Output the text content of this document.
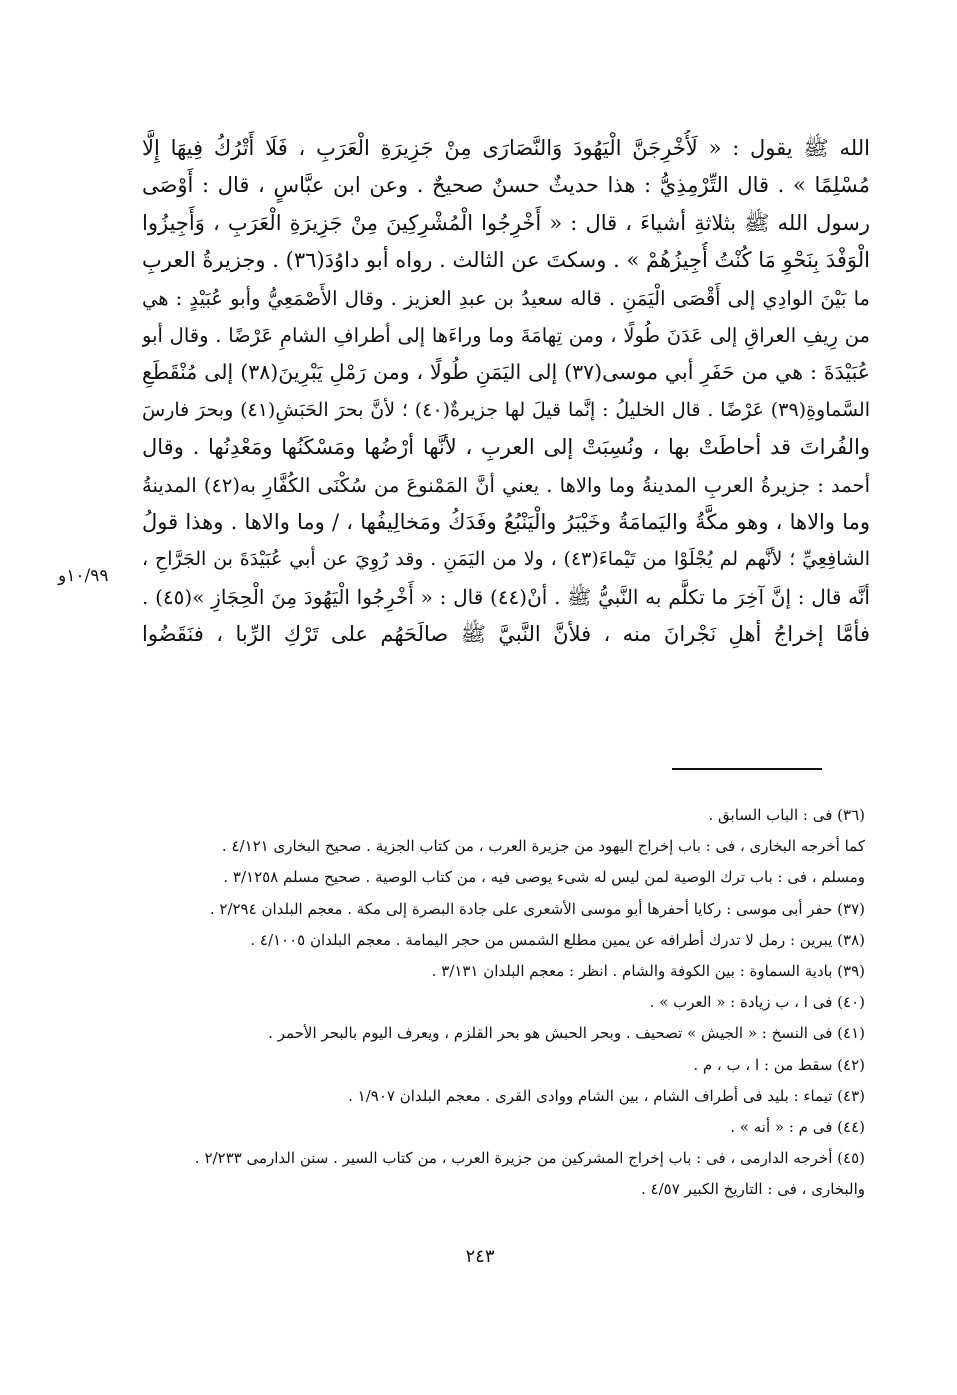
الله ﷺ يقول : « لَأُخْرِجَنَّ الْيَهُودَ وَالنَّصَارَى مِنْ جَزِيرَةِ الْعَرَبِ ، فَلَا أَتْرُكُ فِيهَا إِلَّا
مُسْلِمًا » . قال التِّرْمِذِيُّ : هذا حديثٌ حسنٌ صحيحٌ . وعن ابن عبَّاسٍ ، قال : أَوْصَى
رسول الله ﷺ بثلاثةِ أشياءَ ، قال : « أَخْرِجُوا الْمُشْرِكِينَ مِنْ جَزِيرَةِ الْعَرَبِ ، وَأَجِيزُوا
الْوَفْدَ بِنَحْوِ مَا كُنْتُ أُجِيزُهُمْ » . وسكتَ عن الثالث . رواه أبو داوُدَ(٣٦) . وجزيرةُ العربِ
ما بَيْنَ الوادِي إلى أَقْصَى الْيَمَنِ . قاله سعيدُ بن عبدِ العزيز . وقال الأَصْمَعِيُّ وأبو عُبَيْدٍ : هي
من رِيفِ العراقِ إلى عَدَنَ طُولًا ، ومن تِهامَةَ وما وراءَها إلى أطرافِ الشامِ عَرْضًا . وقال أبو
عُبَيْدَةَ : هي من حَفَرِ أبي موسى(٣٧) إلى اليَمَنِ طُولًا ، ومن رَمْلِ يَبْرِينَ(٣٨) إلى مُنْقَطَعِ
السَّماوةِ(٣٩) عَرْضًا . قال الخليلُ : إنَّما قيلَ لها جزيرةٌ(٤٠) ؛ لأنَّ بحرَ الحَبَشِ(٤١) وبحرَ فارسَ
والفُراتَ قد أحاطَتْ بها ، ونُسِبَتْ إلى العربِ ، لأنَّها أرْضُها ومَسْكَنُها ومَعْدِنُها . وقال
أحمد : جزيرةُ العربِ المدينةُ وما والاها . يعني أنَّ المَمْنوعَ من سُكْنَى الكُفَّارِ به(٤٢) المدينةُ
وما والاها ، وهو مكَّةُ واليَمامَةُ وخَيْبَرُ والْيَنْبُعُ وفَدَكُ ومَخالِيفُها ، / وما والاها . وهذا قولُ
الشافِعِيِّ ؛ لأنَّهم لم يُجْلَوْا من تَيْماءَ(٤٣) ، ولا من اليَمَنِ . وقد رُوِيَ عن أبي عُبَيْدَةَ بن الجَرَّاحِ ،
أنَّه قال : إنَّ آخِرَ ما تكلَّم به النَّبيُّ ﷺ . أنْ(٤٤) قال : « أَخْرِجُوا الْيَهُودَ مِنَ الْحِجَازِ »(٤٥) .
فأمَّا إخراجُ أهلِ نَجْرانَ منه ، فلأنَّ النَّبيَّ ﷺ صالَحَهُم على تَرْكِ الرِّبا ، فنَقَضُوا
١٠/٩٩و
(٣٦) فى : الباب السابق .
كما أخرجه البخارى ، فى : باب إخراج اليهود من جزيرة العرب ، من كتاب الجزية . صحيح البخارى ٤/١٢١ .
ومسلم ، فى : باب ترك الوصية لمن ليس له شىء يوصى فيه ، من كتاب الوصية . صحيح مسلم ٣/١٢٥٨ .
(٣٧) حفر أبى موسى : ركايا أحفرها أبو موسى الأشعرى على جادة البصرة إلى مكة . معجم البلدان ٢/٢٩٤ .
(٣٨) يبرين : رمل لا تدرك أطرافه عن يمين مطلع الشمس من حجر اليمامة . معجم البلدان ٤/١٠٠٥ .
(٣٩) بادية السماوة : بين الكوفة والشام . انظر : معجم البلدان ٣/١٣١ .
(٤٠) فى ا ، ب زيادة : « العرب » .
(٤١) فى النسخ : « الجيش » تصحيف . وبحر الحبش هو بحر القلزم ، ويعرف اليوم بالبحر الأحمر .
(٤٢) سقط من : ا ، ب ، م .
(٤٣) تيماء : بليد فى أطراف الشام ، بين الشام ووادى القرى . معجم البلدان ١/٩٠٧ .
(٤٤) فى م : « أنه » .
(٤٥) أخرجه الدارمى ، فى : باب إخراج المشركين من جزيرة العرب ، من كتاب السير . سنن الدارمى ٢/٢٣٣ .
والبخارى ، فى : التاريخ الكبير ٤/٥٧ .
٢٤٣
